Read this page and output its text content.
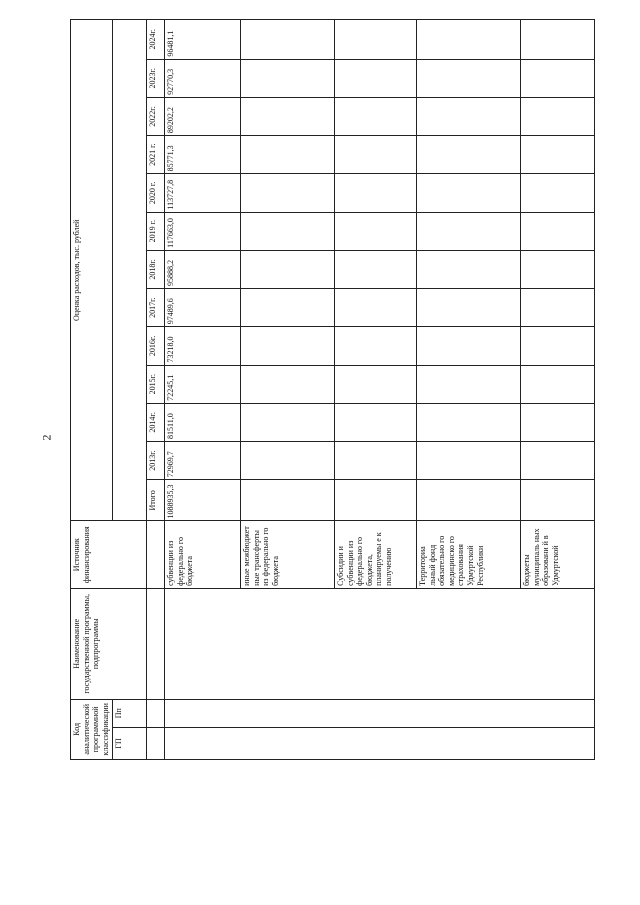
2
Код аналитической программной классификации		Наименование государственной программы, подпрограммы	Источник финансирования	Оценка расходов, тыс. рублей												
ГП	Пп															

				Итого	2013г.	2014г.	2015г.	2016г.	2017г.	2018г.	2019 г.	2020 г.	2021 г.	2022г.	2023г.	2024г.
			субвенции из федерально го бюджета	1088935,3	72969,7	81511,0	72245,1	73218,0	97489,6	95888,2	117663,0	113727,8	85771,3	89202,2	92770,3	96481,1
			иные межбюджет ные трансферты из федерально го бюджета													
			Субсидии и субвенции из федерально го бюджета, планируемы е к получению													
			Территориа льный фонд обязательно го медицинско го страхования Удмуртской Республики													
			бюджеты муниципаль ных образовани й в Удмуртской													
